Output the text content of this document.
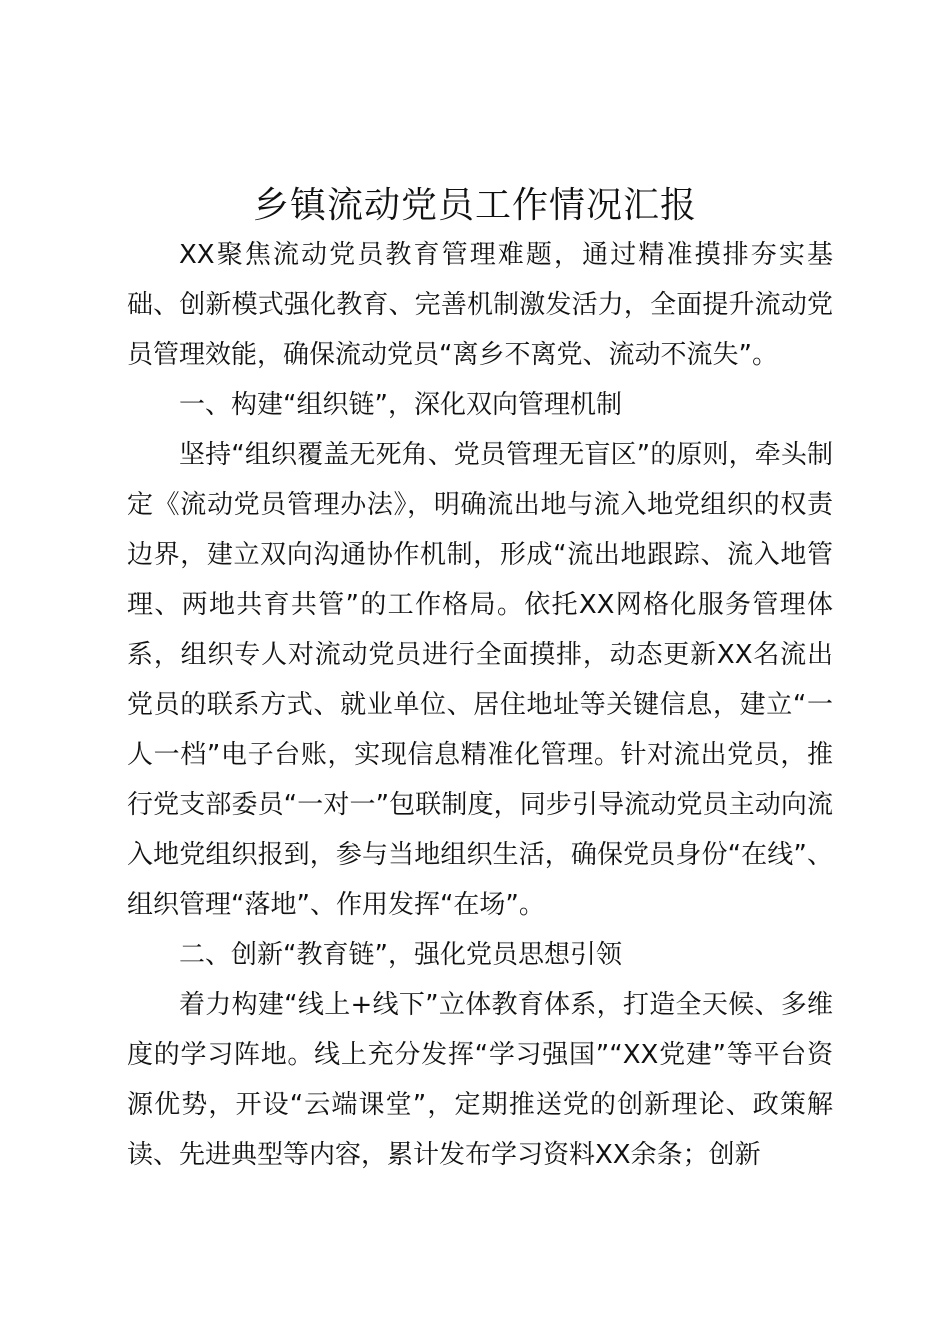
乡镇流动党员工作情况汇报

XX聚焦流动党员教育管理难题，通过精准摸排夯实基础、创新模式强化教育、完善机制激发活力，全面提升流动党员管理效能，确保流动党员“离乡不离党、流动不流失”。

一、构建“组织链”，深化双向管理机制

坚持“组织覆盖无死角、党员管理无盲区”的原则，牵头制定《流动党员管理办法》，明确流出地与流入地党组织的权责边界，建立双向沟通协作机制，形成“流出地跟踪、流入地管理、两地共育共管”的工作格局。依托XX网格化服务管理体系，组织专人对流动党员进行全面摸排，动态更新XX名流出党员的联系方式、就业单位、居住地址等关键信息，建立“一人一档”电子台账，实现信息精准化管理。针对流出党员，推行党支部委员“一对一”包联制度，同步引导流动党员主动向流入地党组织报到，参与当地组织生活，确保党员身份“在线”、组织管理“落地”、作用发挥“在场”。

二、创新“教育链”，强化党员思想引领

着力构建“线上+线下”立体教育体系，打造全天候、多维度的学习阵地。线上充分发挥“学习强国”“XX党建”等平台资源优势，开设“云端课堂”，定期推送党的创新理论、政策解读、先进典型等内容，累计发布学习资料XX余条；创新
